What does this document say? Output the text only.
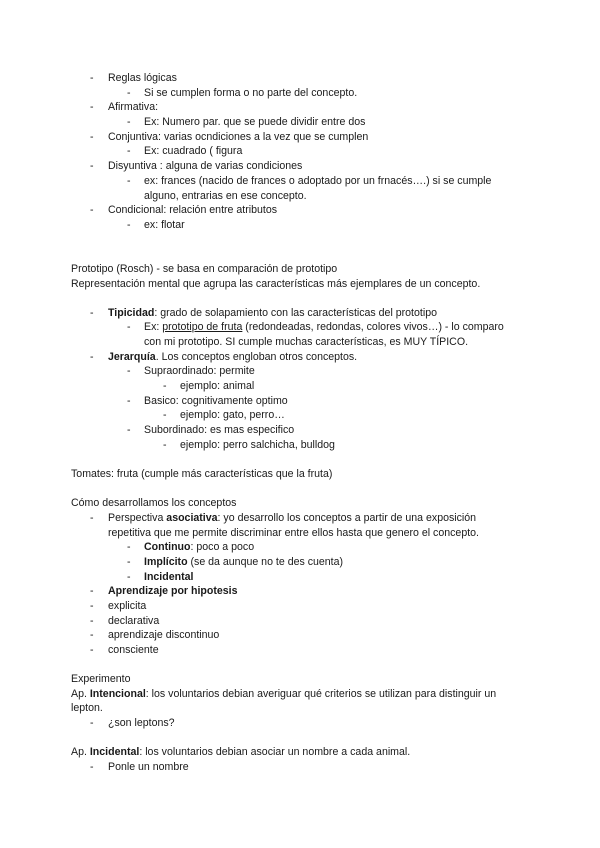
-
Reglas lógicas
-
Si se cumplen forma o no parte del concepto.
-
Afirmativa:
-
Ex: Numero par. que se puede dividir entre dos
-
Conjuntiva: varias ocndiciones a la vez que se cumplen
-
Ex: cuadrado ( figura
-
Disyuntiva : alguna de varias condiciones
-
ex: frances (nacido de frances o adoptado por un frnacés….) si se cumple
alguno, entrarias en ese concepto.
-
Condicional: relación entre atributos
-
ex: flotar
Prototipo (Rosch) - se basa en comparación de prototipo
Representación mental que agrupa las características más ejemplares de un concepto.
-
Tipicidad: grado de solapamiento con las características del prototipo
-
Ex: prototipo de fruta (redondeadas, redondas, colores vivos…) - lo comparo
con mi prototipo. SI cumple muchas características, es MUY TÍPICO.
-
Jerarquía. Los conceptos engloban otros conceptos.
-
Supraordinado: permite
-
ejemplo: animal
-
Basico: cognitivamente optimo
-
ejemplo: gato, perro…
-
Subordinado: es mas especifico
-
ejemplo: perro salchicha, bulldog
Tomates: fruta (cumple más características que la fruta)
Cómo desarrollamos los conceptos
-
Perspectiva asociativa: yo desarrollo los conceptos a partir de una exposición
repetitiva que me permite discriminar entre ellos hasta que genero el concepto.
-
Continuo: poco a poco
-
Implícito (se da aunque no te des cuenta)
-
Incidental
-
Aprendizaje por hipotesis
-
explicita
-
declarativa
-
aprendizaje discontinuo
-
consciente
Experimento
Ap. Intencional: los voluntarios debian averiguar qué criterios se utilizan para distinguir un
lepton.
-
¿son leptons?
Ap. Incidental: los voluntarios debian asociar un nombre a cada animal.
-
Ponle un nombre
